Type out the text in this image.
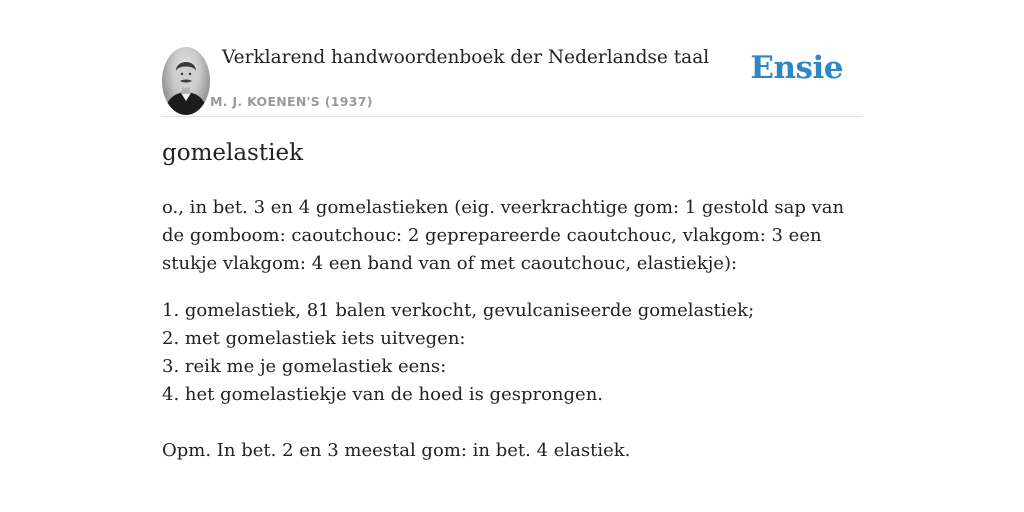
Verklarend handwoordenboek der Nederlandse taal
M. J. KOENEN'S (1937)
Ensie
gomelastiek

o., in bet. 3 en 4 gomelastieken (eig. veerkrachtige gom: 1 gestold sap van de gomboom: caoutchouc: 2 geprepareerde caoutchouc, vlakgom: 3 een stukje vlakgom: 4 een band van of met caoutchouc, elastiekje):

1. gomelastiek, 81 balen verkocht, gevulcaniseerde gomelastiek;
2. met gomelastiek iets uitvegen:
3. reik me je gomelastiek eens:
4. het gomelastiekje van de hoed is gesprongen.

Opm. In bet. 2 en 3 meestal gom: in bet. 4 elastiek.
